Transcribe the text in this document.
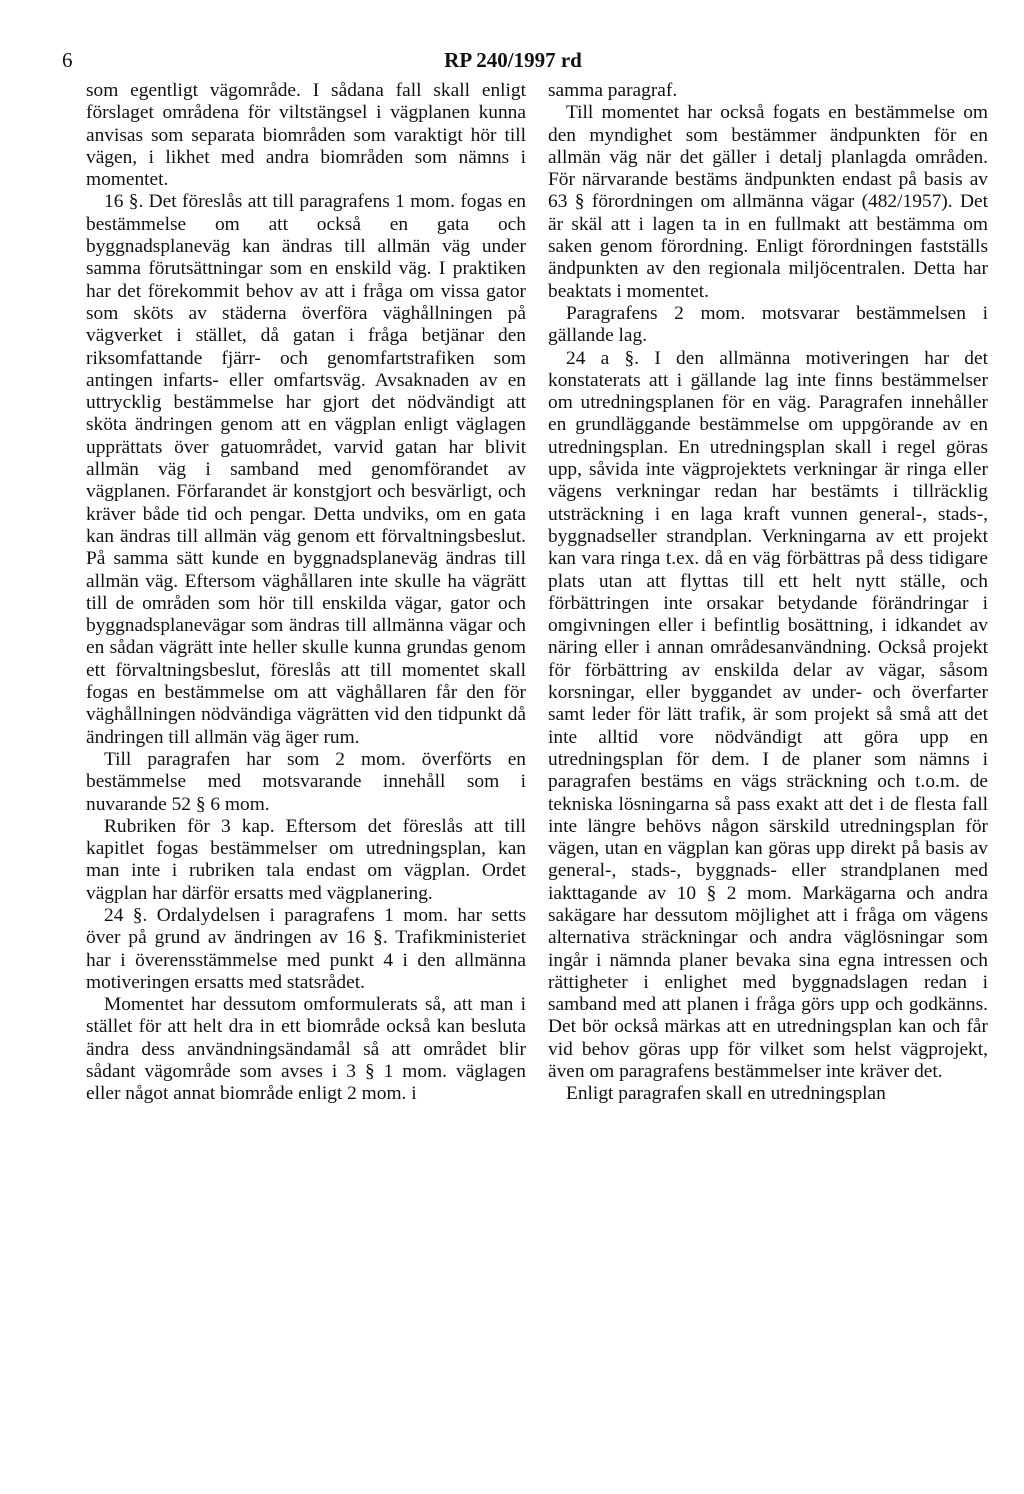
6	RP 240/1997 rd

som egentligt vägområde. I sådana fall skall enligt förslaget områdena för viltstängsel i vägplanen kunna anvisas som separata biområden som varaktigt hör till vägen, i likhet med andra biområden som nämns i momentet.

16 §. Det föreslås att till paragrafens 1 mom. fogas en bestämmelse om att också en gata och byggnadsplaneväg kan ändras till allmän väg under samma förutsättningar som en enskild väg. I praktiken har det förekommit behov av att i fråga om vissa gator som sköts av städerna överföra väghållningen på vägverket i stället, då gatan i fråga betjänar den riksomfattande fjärr- och genomfartstrafiken som antingen infarts- eller omfartsväg. Avsaknaden av en uttrycklig bestämmelse har gjort det nödvändigt att sköta ändringen genom att en vägplan enligt väglagen upprättats över gatuområdet, varvid gatan har blivit allmän väg i samband med genomförandet av vägplanen. Förfarandet är konstgjort och besvärligt, och kräver både tid och pengar. Detta undviks, om en gata kan ändras till allmän väg genom ett förvaltningsbeslut. På samma sätt kunde en byggnadsplaneväg ändras till allmän väg. Eftersom väghållaren inte skulle ha vägrätt till de områden som hör till enskilda vägar, gator och byggnadsplanevägar som ändras till allmänna vägar och en sådan vägrätt inte heller skulle kunna grundas genom ett förvaltningsbeslut, föreslås att till momentet skall fogas en bestämmelse om att väghållaren får den för väghållningen nödvändiga vägrätten vid den tidpunkt då ändringen till allmän väg äger rum.

Till paragrafen har som 2 mom. överförts en bestämmelse med motsvarande innehåll som i nuvarande 52 § 6 mom.

Rubriken för 3 kap. Eftersom det föreslås att till kapitlet fogas bestämmelser om utredningsplan, kan man inte i rubriken tala endast om vägplan. Ordet vägplan har därför ersatts med vägplanering.

24 §. Ordalydelsen i paragrafens 1 mom. har setts över på grund av ändringen av 16 §. Trafikministeriet har i överensstämmelse med punkt 4 i den allmänna motiveringen ersatts med statsrådet.

Momentet har dessutom omformulerats så, att man i stället för att helt dra in ett biområde också kan besluta ändra dess användningsändamål så att området blir sådant vägområde som avses i 3 § 1 mom. väglagen eller något annat biområde enligt 2 mom. i

samma paragraf.

Till momentet har också fogats en bestämmelse om den myndighet som bestämmer ändpunkten för en allmän väg när det gäller i detalj planlagda områden. För närvarande bestäms ändpunkten endast på basis av 63 § förordningen om allmänna vägar (482/1957). Det är skäl att i lagen ta in en fullmakt att bestämma om saken genom förordning. Enligt förordningen fastställs ändpunkten av den regionala miljöcentralen. Detta har beaktats i momentet.

Paragrafens 2 mom. motsvarar bestämmelsen i gällande lag.

24 a §. I den allmänna motiveringen har det konstaterats att i gällande lag inte finns bestämmelser om utredningsplanen för en väg. Paragrafen innehåller en grundläggande bestämmelse om uppgörande av en utredningsplan. En utredningsplan skall i regel göras upp, såvida inte vägprojektets verkningar är ringa eller vägens verkningar redan har bestämts i tillräcklig utsträckning i en laga kraft vunnen general-, stads-, byggnadseller strandplan. Verkningarna av ett projekt kan vara ringa t.ex. då en väg förbättras på dess tidigare plats utan att flyttas till ett helt nytt ställe, och förbättringen inte orsakar betydande förändringar i omgivningen eller i befintlig bosättning, i idkandet av näring eller i annan områdesanvändning. Också projekt för förbättring av enskilda delar av vägar, såsom korsningar, eller byggandet av under- och överfarter samt leder för lätt trafik, är som projekt så små att det inte alltid vore nödvändigt att göra upp en utredningsplan för dem. I de planer som nämns i paragrafen bestäms en vägs sträckning och t.o.m. de tekniska lösningarna så pass exakt att det i de flesta fall inte längre behövs någon särskild utredningsplan för vägen, utan en vägplan kan göras upp direkt på basis av general-, stads-, byggnads- eller strandplanen med iakttagande av 10 § 2 mom. Markägarna och andra sakägare har dessutom möjlighet att i fråga om vägens alternativa sträckningar och andra väglösningar som ingår i nämnda planer bevaka sina egna intressen och rättigheter i enlighet med byggnadslagen redan i samband med att planen i fråga görs upp och godkänns. Det bör också märkas att en utredningsplan kan och får vid behov göras upp för vilket som helst vägprojekt, även om paragrafens bestämmelser inte kräver det.

Enligt paragrafen skall en utredningsplan
